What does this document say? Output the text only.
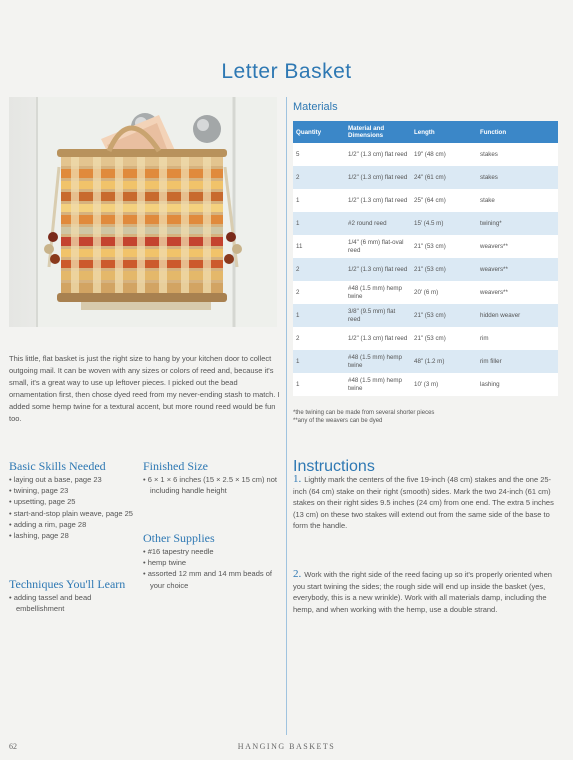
Letter Basket
This little, flat basket is just the right size to hang by your kitchen door to collect outgoing mail. It can be woven with any sizes or colors of reed and, because it's small, it's a great way to use up leftover pieces. I picked out the bead ornamentation first, then chose dyed reed from my never-ending stash to match. I added some hemp twine for a textural accent, but more round reed would be fun too.
Basic Skills Needed
• laying out a base, page 23
• twining, page 23
• upsetting, page 25
• start-and-stop plain weave, page 25
• adding a rim, page 28
• lashing, page 28
Finished Size
• 6 × 1 × 6 inches (15 × 2.5 × 15 cm) not including handle height
Other Supplies
• #16 tapestry needle
• hemp twine
• assorted 12 mm and 14 mm beads of your choice
Techniques You'll Learn
• adding tassel and bead embellishment
Materials
Quantity	Material and Dimensions	Length	Function
5	1/2" (1.3 cm) flat reed	19" (48 cm)	stakes
2	1/2" (1.3 cm) flat reed	24" (61 cm)	stakes
1	1/2" (1.3 cm) flat reed	25" (64 cm)	stake
1	#2 round reed	15' (4.5 m)	twining*
11	1/4" (6 mm) flat-oval reed	21" (53 cm)	weavers**
2	1/2" (1.3 cm) flat reed	21" (53 cm)	weavers**
2	#48 (1.5 mm) hemp twine	20' (6 m)	weavers**
1	3/8" (9.5 mm) flat reed	21" (53 cm)	hidden weaver
2	1/2" (1.3 cm) flat reed	21" (53 cm)	rim
1	#48 (1.5 mm) hemp twine	48" (1.2 m)	rim filler
1	#48 (1.5 mm) hemp twine	10' (3 m)	lashing
*the twining can be made from several shorter pieces
**any of the weavers can be dyed
Instructions
1. Lightly mark the centers of the five 19-inch (48 cm) stakes and the one 25-inch (64 cm) stake on their right (smooth) sides. Mark the two 24-inch (61 cm) stakes on their right sides 9.5 inches (24 cm) from one end. The extra 5 inches (13 cm) on these two stakes will extend out from the same side of the base to form the handle.
2. Work with the right side of the reed facing up so it's properly oriented when you start twining the sides; the rough side will end up inside the basket (yes, everybody, this is a new wrinkle). Work with all materials damp, including the hemp, and when working with the hemp, use a double strand.
62	HANGING BASKETS
